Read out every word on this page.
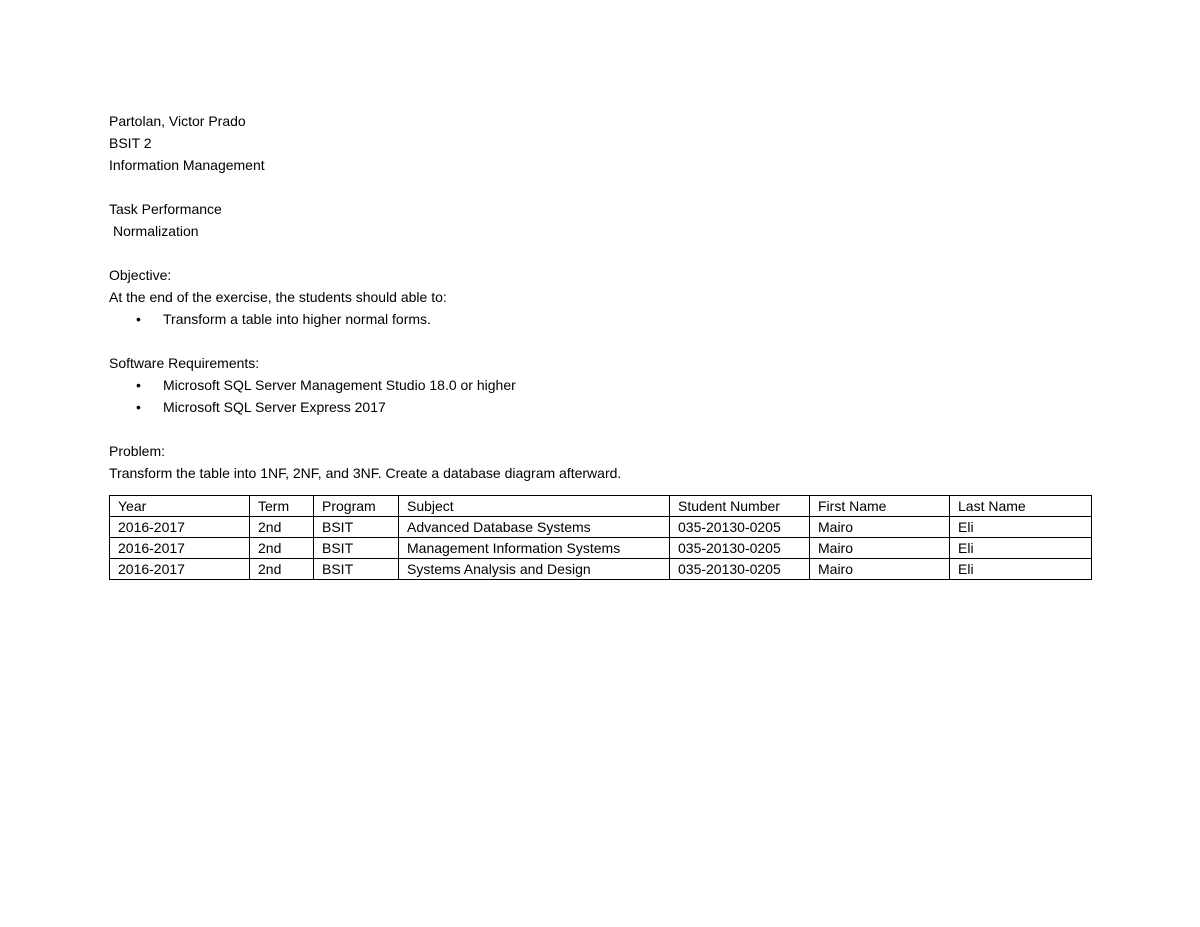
Partolan, Victor Prado
BSIT 2
Information Management
Task Performance
Normalization
Objective:
At the end of the exercise, the students should able to:
• Transform a table into higher normal forms.
Software Requirements:
• Microsoft SQL Server Management Studio 18.0 or higher
• Microsoft SQL Server Express 2017
Problem:
Transform the table into 1NF, 2NF, and 3NF. Create a database diagram afterward.
Year	Term	Program	Subject	Student Number	First Name	Last Name
2016-2017	2nd	BSIT	Advanced Database Systems	035-20130-0205	Mairo	Eli
2016-2017	2nd	BSIT	Management Information Systems	035-20130-0205	Mairo	Eli
2016-2017	2nd	BSIT	Systems Analysis and Design	035-20130-0205	Mairo	Eli
